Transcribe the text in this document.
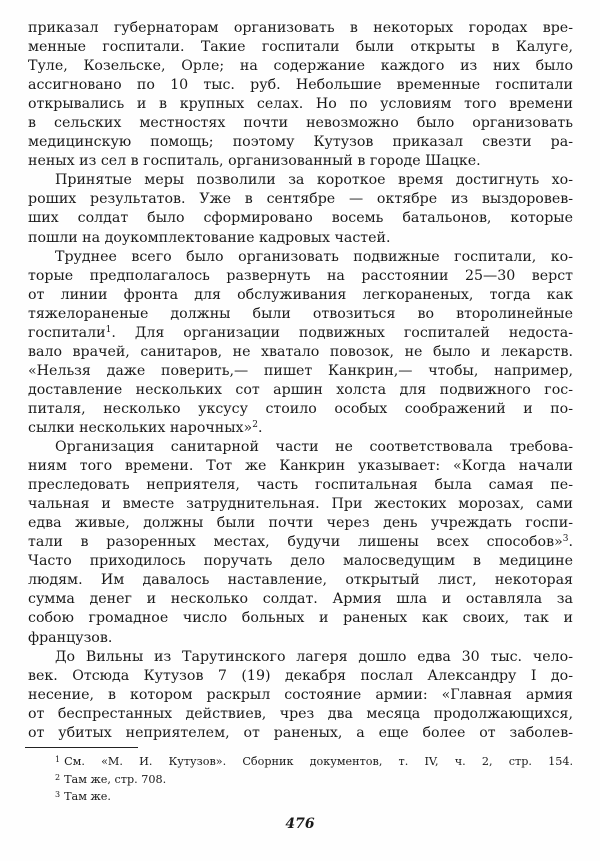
приказал губернаторам организовать в некоторых городах вре-
менные госпитали. Такие госпитали были открыты в Калуге,
Туле, Козельске, Орле; на содержание каждого из них было
ассигновано по 10 тыс. руб. Небольшие временные госпитали
открывались и в крупных селах. Но по условиям того времени
в сельских местностях почти невозможно было организовать
медицинскую помощь; поэтому Кутузов приказал свезти ра-
неных из сел в госпиталь, организованный в городе Шацке.
Принятые меры позволили за короткое время достигнуть хо-
роших результатов. Уже в сентябре — октябре из выздоровев-
ших солдат было сформировано восемь батальонов, которые
пошли на доукомплектование кадровых частей.
Труднее всего было организовать подвижные госпитали, ко-
торые предполагалось развернуть на расстоянии 25—30 верст
от линии фронта для обслуживания легкораненых, тогда как
тяжелораненые должны были отвозиться во второлинейные
госпитали$^1$. Для организации подвижных госпиталей недоста-
вало врачей, санитаров, не хватало повозок, не было и лекарств.
«Нельзя даже поверить,— пишет Канкрин,— чтобы, например,
доставление нескольких сот аршин холста для подвижного гос-
питаля, несколько уксусу стоило особых соображений и по-
сылки нескольких нарочных»$^2$.
Организация санитарной части не соответствовала требова-
ниям того времени. Тот же Канкрин указывает: «Когда начали
преследовать неприятеля, часть госпитальная была самая пе-
чальная и вместе затруднительная. При жестоких морозах, сами
едва живые, должны были почти через день учреждать госпи-
тали в разоренных местах, будучи лишены всех способов»$^3$.
Часто приходилось поручать дело малосведущим в медицине
людям. Им давалось наставление, открытый лист, некоторая
сумма денег и несколько солдат. Армия шла и оставляла за
собою громадное число больных и раненых как своих, так и
французов.
До Вильны из Тарутинского лагеря дошло едва 30 тыс. чело-
век. Отсюда Кутузов 7 (19) декабря послал Александру I до-
несение, в котором раскрыл состояние армии: «Главная армия
от беспрестанных действиев, чрез два месяца продолжающихся,
от убитых неприятелем, от раненых, а еще более от заболев-
$^1$ См. «М. И. Кутузов». Сборник документов, т. IV, ч. 2, стр. 154.
$^2$ Там же, стр. 708.
$^3$ Там же.
476
